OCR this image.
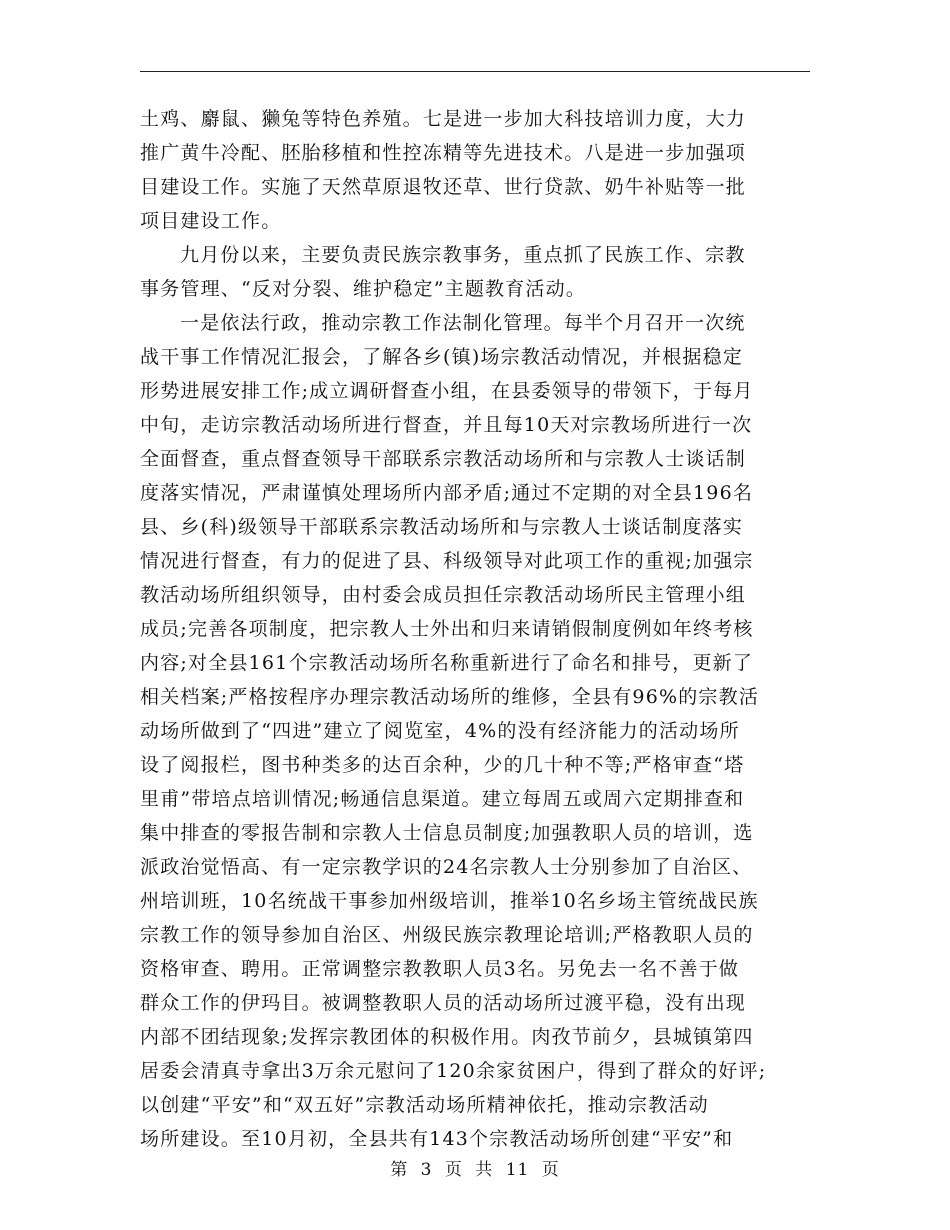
土鸡、麝鼠、獭兔等特色养殖。七是进一步加大科技培训力度，大力
推广黄牛冷配、胚胎移植和性控冻精等先进技术。八是进一步加强项
目建设工作。实施了天然草原退牧还草、世行贷款、奶牛补贴等一批
项目建设工作。
九月份以来，主要负责民族宗教事务，重点抓了民族工作、宗教
事务管理、“反对分裂、维护稳定”主题教育活动。
一是依法行政，推动宗教工作法制化管理。每半个月召开一次统
战干事工作情况汇报会，了解各乡(镇)场宗教活动情况，并根据稳定
形势进展安排工作;成立调研督查小组，在县委领导的带领下，于每月
中旬，走访宗教活动场所进行督查，并且每10天对宗教场所进行一次
全面督查，重点督查领导干部联系宗教活动场所和与宗教人士谈话制
度落实情况，严肃谨慎处理场所内部矛盾;通过不定期的对全县196名
县、乡(科)级领导干部联系宗教活动场所和与宗教人士谈话制度落实
情况进行督查，有力的促进了县、科级领导对此项工作的重视;加强宗
教活动场所组织领导，由村委会成员担任宗教活动场所民主管理小组
成员;完善各项制度，把宗教人士外出和归来请销假制度例如年终考核
内容;对全县161个宗教活动场所名称重新进行了命名和排号，更新了
相关档案;严格按程序办理宗教活动场所的维修，全县有96%的宗教活
动场所做到了“四进”建立了阅览室，4%的没有经济能力的活动场所
设了阅报栏，图书种类多的达百余种，少的几十种不等;严格审查“塔
里甫”带培点培训情况;畅通信息渠道。建立每周五或周六定期排查和
集中排查的零报告制和宗教人士信息员制度;加强教职人员的培训，选
派政治觉悟高、有一定宗教学识的24名宗教人士分别参加了自治区、
州培训班，10名统战干事参加州级培训，推举10名乡场主管统战民族
宗教工作的领导参加自治区、州级民族宗教理论培训;严格教职人员的
资格审查、聘用。正常调整宗教教职人员3名。另免去一名不善于做
群众工作的伊玛目。被调整教职人员的活动场所过渡平稳，没有出现
内部不团结现象;发挥宗教团体的积极作用。肉孜节前夕，县城镇第四
居委会清真寺拿出3万余元慰问了120余家贫困户，得到了群众的好评;
以创建“平安”和“双五好”宗教活动场所精神依托，推动宗教活动
场所建设。至10月初，全县共有143个宗教活动场所创建“平安”和
第 3 页 共 11 页
